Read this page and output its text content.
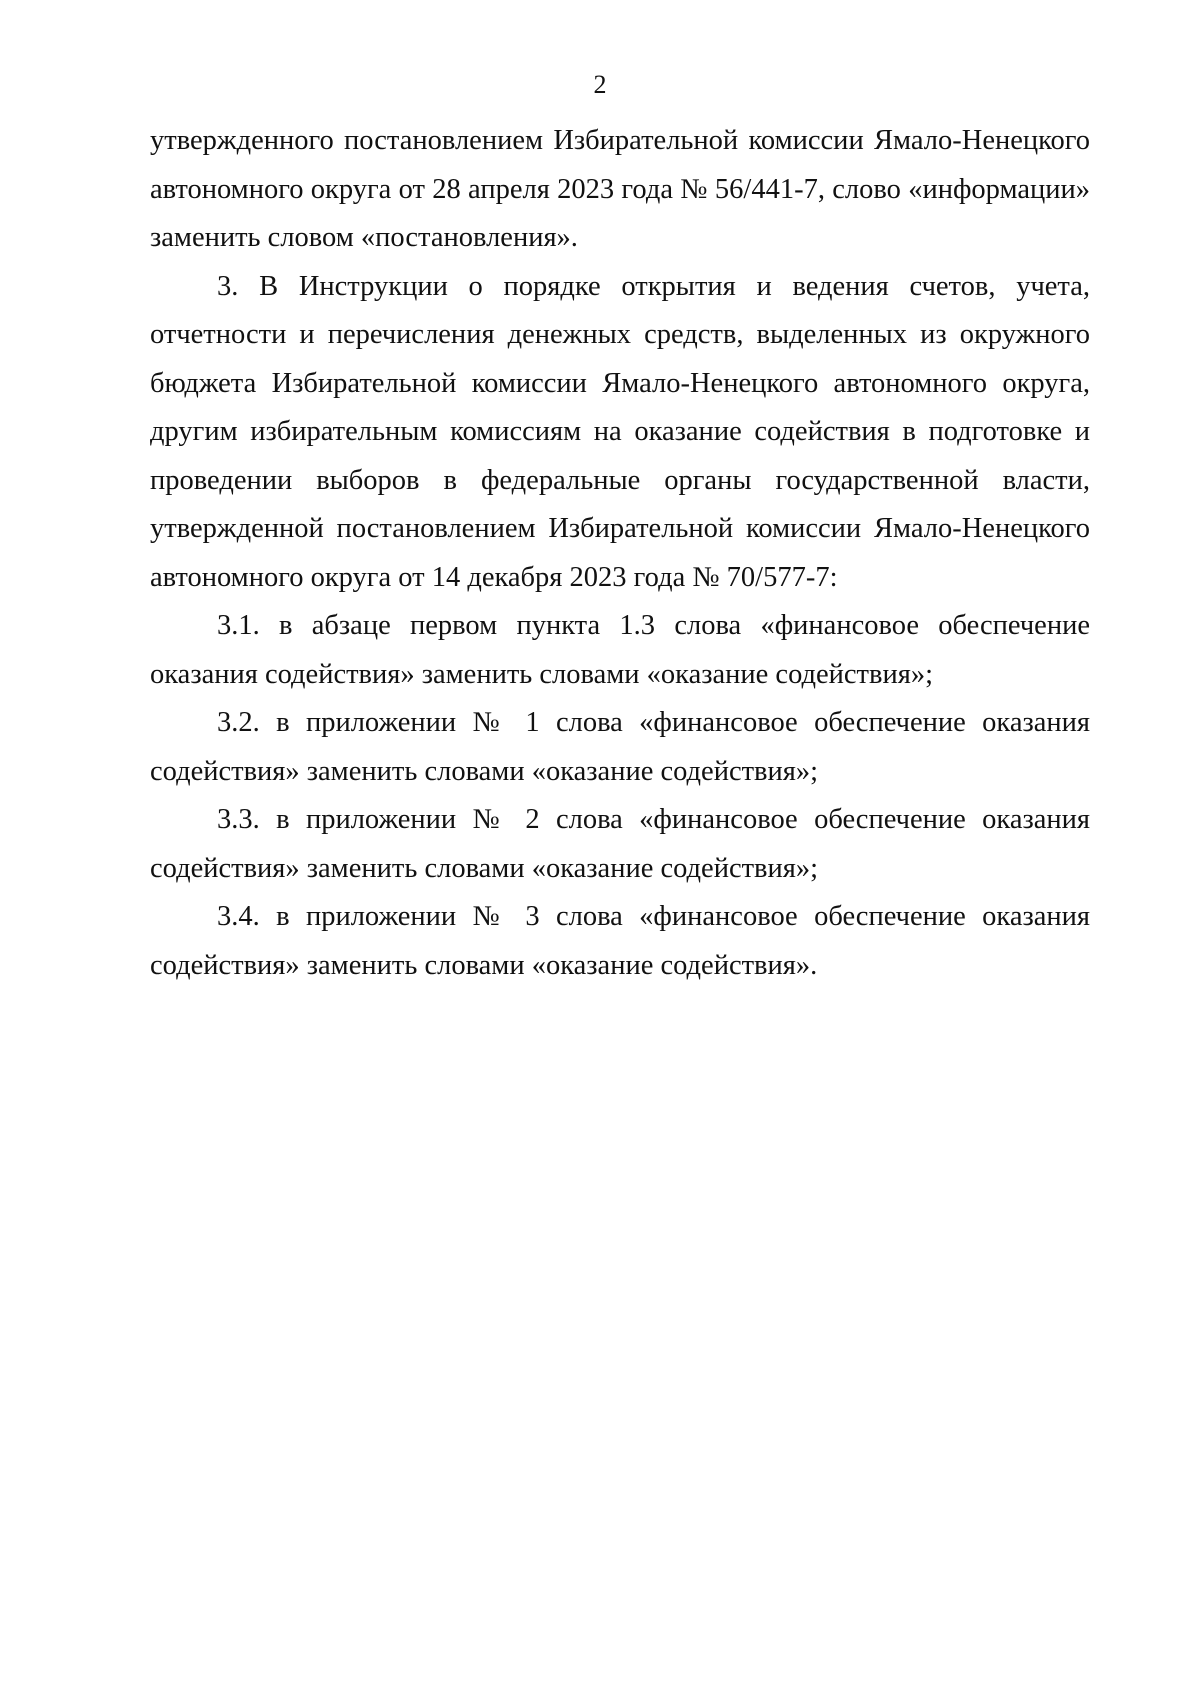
2

утвержденного постановлением Избирательной комиссии Ямало-Ненецкого автономного округа от 28 апреля 2023 года № 56/441-7, слово «информации» заменить словом «постановления».

3. В Инструкции о порядке открытия и ведения счетов, учета, отчетности и перечисления денежных средств, выделенных из окружного бюджета Избирательной комиссии Ямало-Ненецкого автономного округа, другим избирательным комиссиям на оказание содействия в подготовке и проведении выборов в федеральные органы государственной власти, утвержденной постановлением Избирательной комиссии Ямало-Ненецкого автономного округа от 14 декабря 2023 года № 70/577-7:

3.1. в абзаце первом пункта 1.3 слова «финансовое обеспечение оказания содействия» заменить словами «оказание содействия»;

3.2. в приложении № 1 слова «финансовое обеспечение оказания содействия» заменить словами «оказание содействия»;

3.3. в приложении № 2 слова «финансовое обеспечение оказания содействия» заменить словами «оказание содействия»;

3.4. в приложении № 3 слова «финансовое обеспечение оказания содействия» заменить словами «оказание содействия».
